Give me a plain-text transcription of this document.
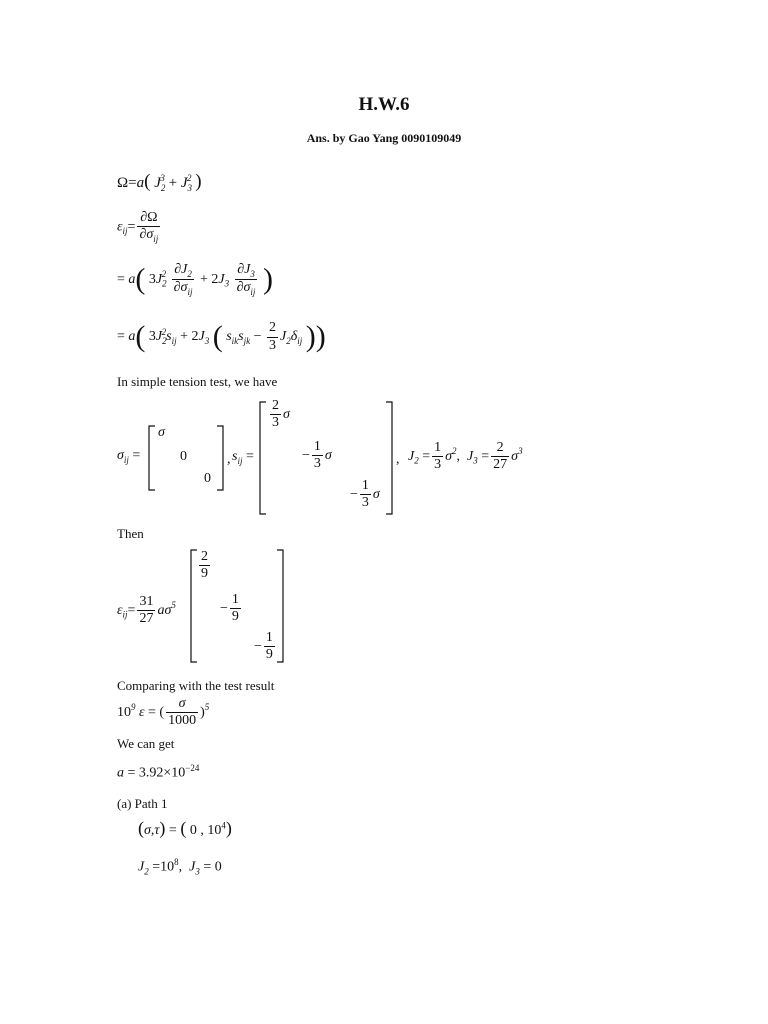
H.W.6
Ans. by Gao Yang 0090109049
Ω=a( $J_2^3 + J_3^2$ )
$\varepsilon_{ij}= \frac{\partial\Omega}{\partial\sigma_{ij}}$
= a( $3J_2^2 \frac{\partial J_2}{\partial\sigma_{ij}} + 2J_3 \frac{\partial J_3}{\partial\sigma_{ij}}$ )
= a( $3J_2^2s_{ij} + 2J_3$ ( $s_{ik}s_{jk} - \frac{2}{3} J_2\delta_{ij}$ ))
In simple tension test, we have
$\sigma_{ij}$ =
σ
0
0
, $s_{ij}$ =
$\frac{2}{3}$ σ
− $\frac{1}{3}$ σ
− $\frac{1}{3}$ σ
, $J_2 = \frac{1}{3} \sigma^2$,  $J_3 = \frac{2}{27} \sigma^3$
Then
$\varepsilon_{ij}= \frac{31}{27} a\sigma^5$
$\frac{2}{9}$
− $\frac{1}{9}$
− $\frac{1}{9}$
Comparing with the test result
$10^9$ ε = ( $\frac{\sigma}{1000} )^5$
We can get
$a = 3.92\times 10^{-24}$
(a) Path 1
(σ,τ) = ( 0 , $10^4$)
$J_2 =10^8$,  $J_3 = 0$
